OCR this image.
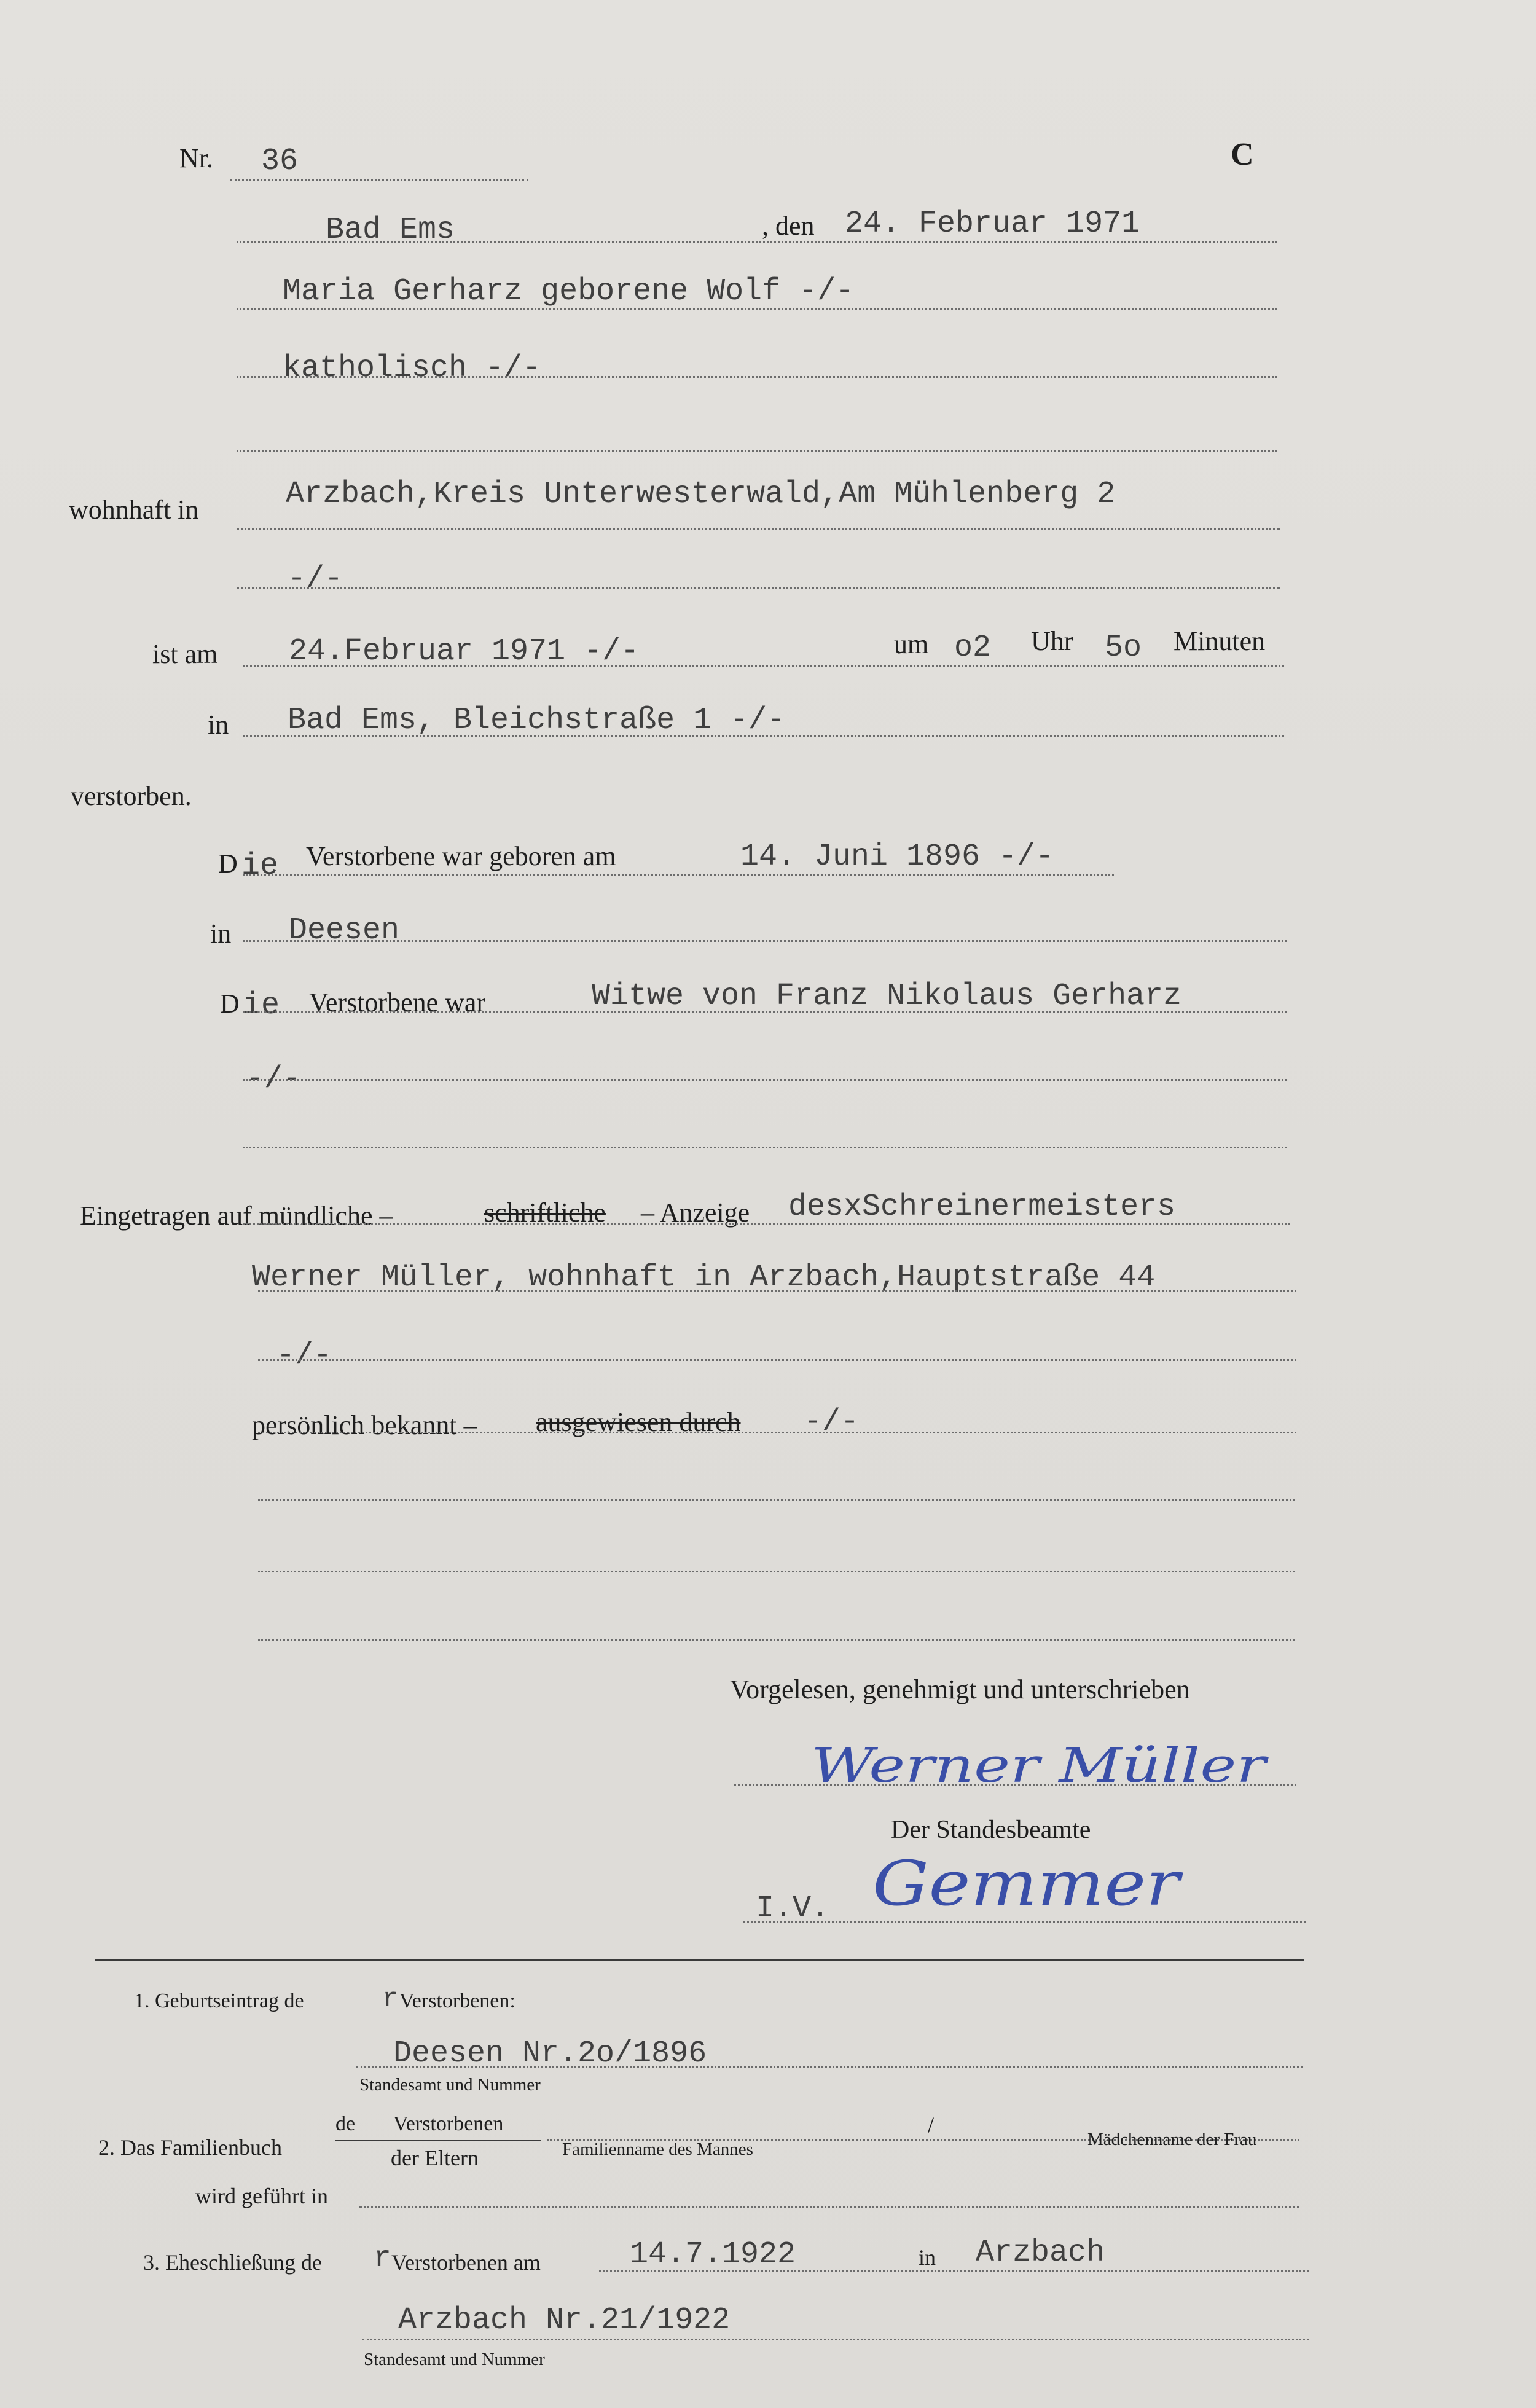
Nr. 36	C
Bad Ems	, den 24. Februar 1971
Maria Gerharz geborene Wolf -/-
katholisch -/-
wohnhaft in	Arzbach,Kreis Unterwesterwald,Am Mühlenberg 2
-/-
ist am 24.Februar 1971 -/-	um o2 Uhr 5o Minuten
in Bad Ems, Bleichstraße 1 -/-
verstorben.
D ie Verstorbene war geboren am	14. Juni 1896 -/-
in Deesen
D ie Verstorbene war	Witwe von Franz Nikolaus Gerharz
-/-
Eingetragen auf mündliche –	schriftliche – Anzeige desxSchreinermeisters
Werner Müller, wohnhaft in Arzbach,Hauptstraße 44
-/-
persönlich bekannt – ausgewiesen durch -/-
Vorgelesen, genehmigt und unterschrieben
Werner Müller
Der Standesbeamte
I.V. Gemmer
1. Geburtseintrag de	r Verstorbenen:
Deesen Nr.2o/1896
Standesamt und Nummer
2. Das Familienbuch
de Verstorbenen
der Eltern
/
Familienname des Mannes	Mädchenname der Frau
wird geführt in
3. Eheschließung de r Verstorbenen am	14.7.1922	in Arzbach
Arzbach Nr.21/1922
Standesamt und Nummer
